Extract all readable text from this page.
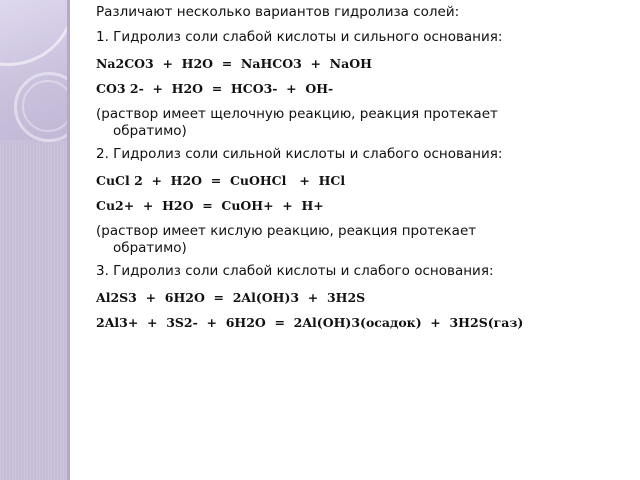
Различают несколько вариантов гидролиза солей:

1. Гидролиз соли слабой кислоты и сильного основания:

Na2CO3  +  H2O  =  NaHCO3  +  NaOH

CO3 2-  +  H2O  =  HCO3-  +  OH-

(раствор имеет щелочную реакцию, реакция протекает

обратимо)

2. Гидролиз соли сильной кислоты и слабого основания:

CuCl 2  +  H2O  =  CuOHCl   +  HCl

Cu2+  +  H2O  =  CuOH+  +  H+

(раствор имеет кислую реакцию, реакция протекает

обратимо)

3. Гидролиз соли слабой кислоты и слабого основания:

Al2S3  +  6H2O  =  2Al(OH)3  +  3H2S

2Al3+  +  3S2-  +  6H2O  =  2Al(OH)3(осадок)  +  3H2S(газ)
